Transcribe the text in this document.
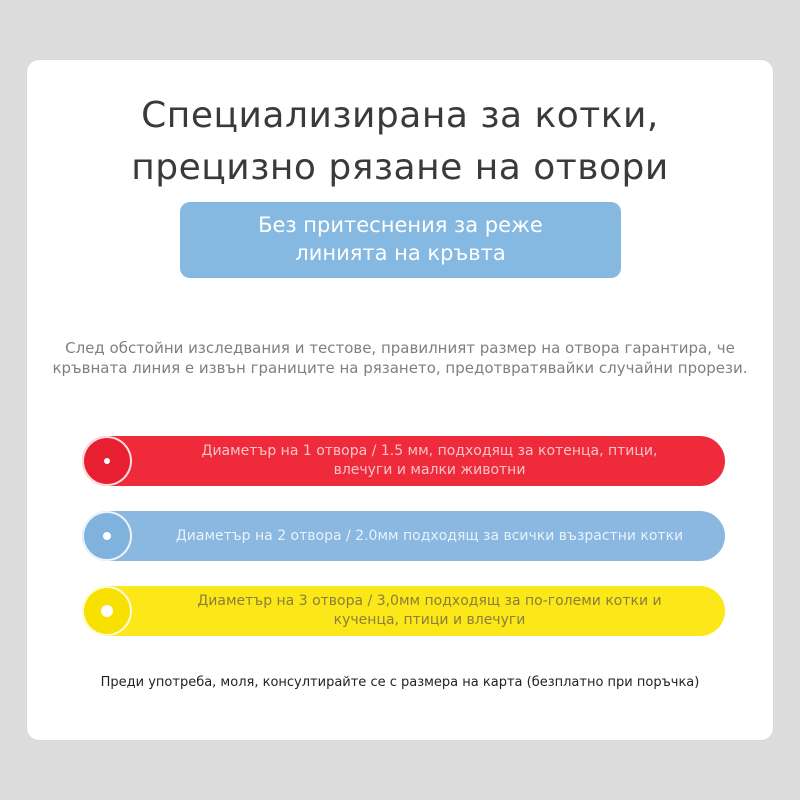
Специализирана за котки,
прецизно рязане на отвори
Без притеснения за реже
линията на кръвта
След обстойни изследвания и тестове, правилният размер на отвора гарантира, че
кръвната линия е извън границите на рязането, предотвратявайки случайни прорези.
Диаметър на 1 отвора / 1.5 мм, подходящ за котенца, птици,
влечуги и малки животни
Диаметър на 2 отвора / 2.0мм подходящ за всички възрастни котки
Диаметър на 3 отвора / 3,0мм подходящ за по-големи котки и
кученца, птици и влечуги
Преди употреба, моля, консултирайте се с размера на карта (безплатно при поръчка)
